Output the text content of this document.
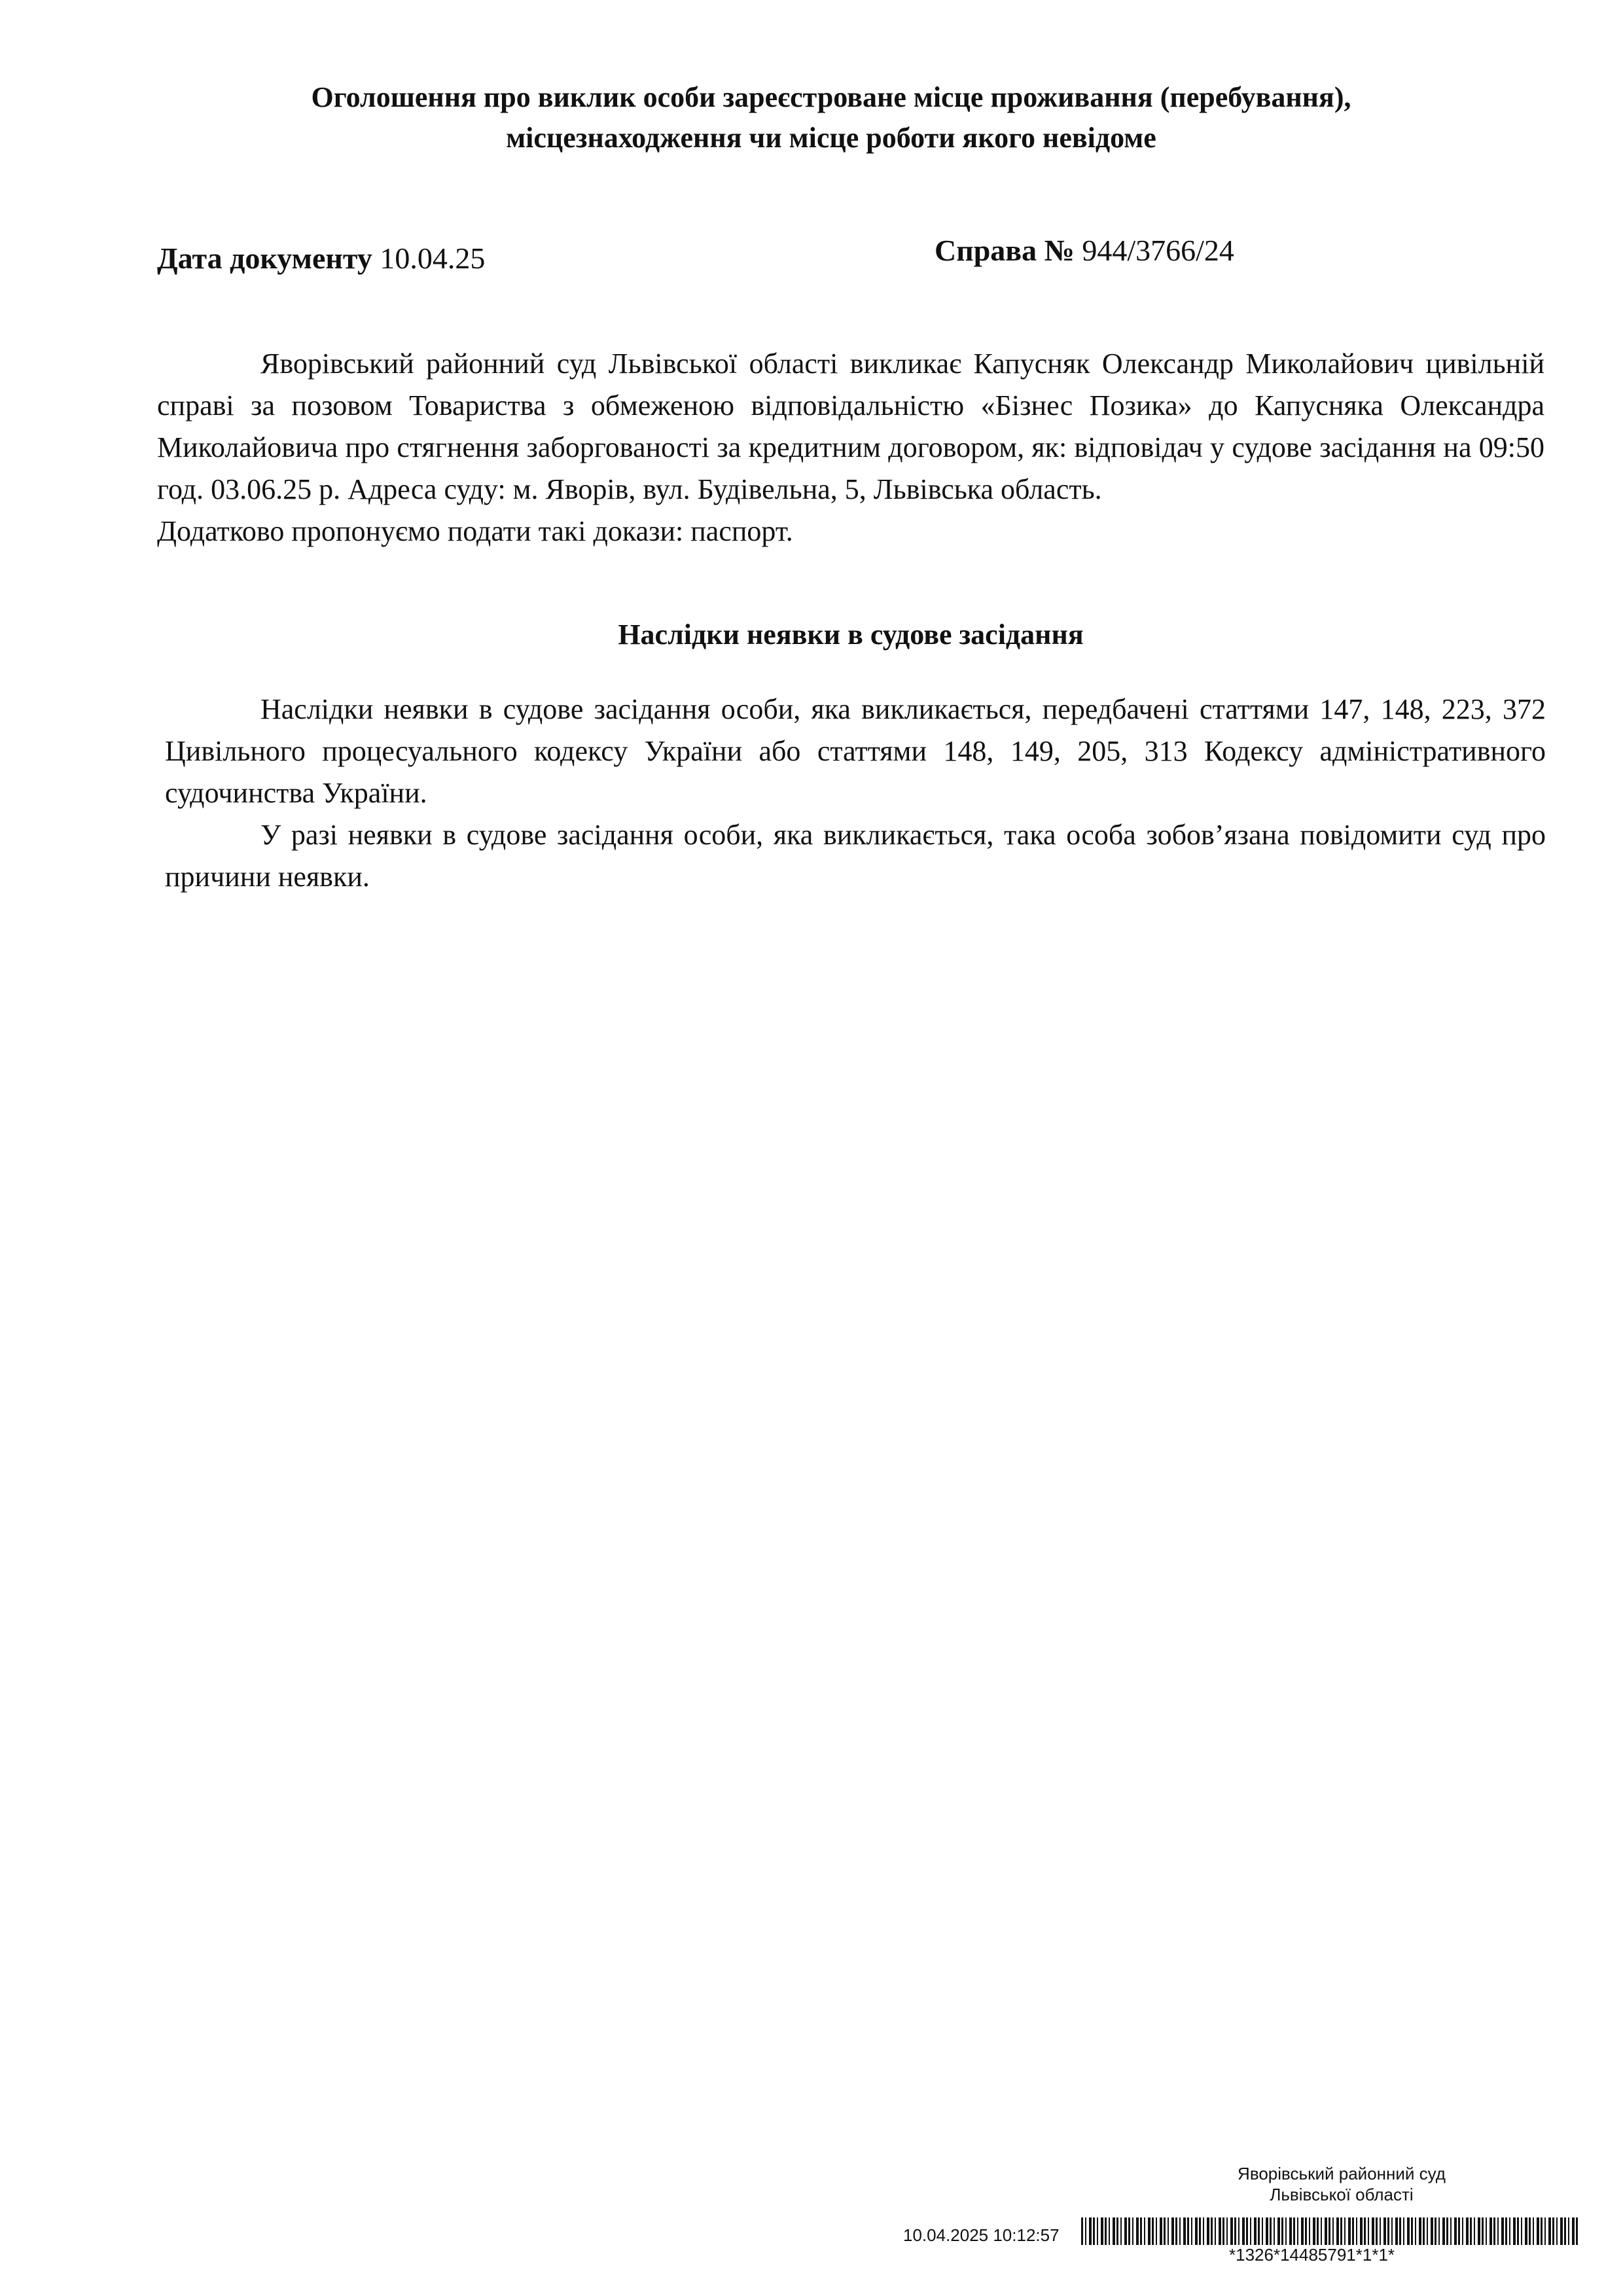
Оголошення про виклик особи зареєстроване місце проживання (перебування),
місцезнаходження чи місце роботи якого невідоме
Дата документу 10.04.25	Справа № 944/3766/24

Яворівський районний суд Львівської області викликає Капусняк Олександр Миколайович цивільній справі за позовом Товариства з обмеженою відповідальністю «Бізнес Позика» до Капусняка Олександра Миколайовича про стягнення заборгованості за кредитним договором, як: відповідач у судове засідання на 09:50 год. 03.06.25 р. Адреса суду: м. Яворів, вул. Будівельна, 5, Львівська область.

Додатково пропонуємо подати такі докази: паспорт.

Наслідки неявки в судове засідання

Наслідки неявки в судове засідання особи, яка викликається, передбачені статтями 147, 148, 223, 372 Цивільного процесуального кодексу України або статтями 148, 149, 205, 313 Кодексу адміністративного судочинства України.

У разі неявки в судове засідання особи, яка викликається, така особа зобов’язана повідомити суд про причини неявки.

Яворівський районний суд
Львівської області
10.04.2025 10:12:57
*1326*14485791*1*1*
